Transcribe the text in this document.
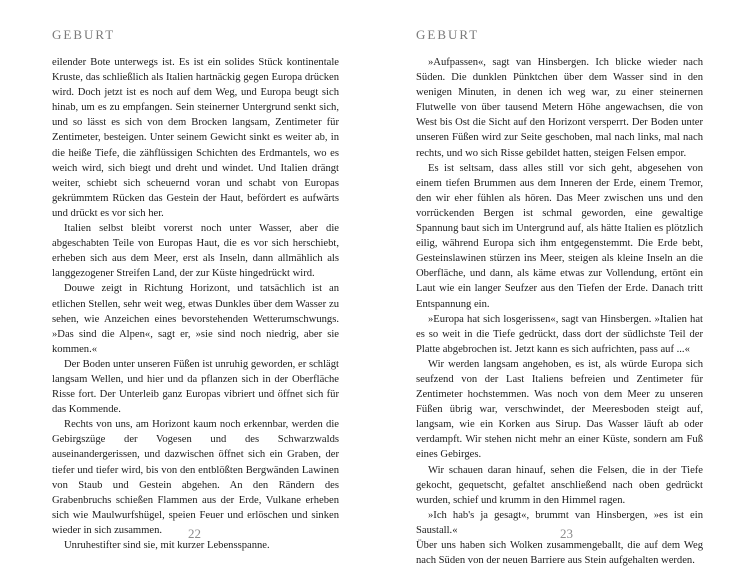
GEBURT

eilender Bote unterwegs ist. Es ist ein solides Stück kontinentale Kruste, das schließlich als Italien hartnäckig gegen Europa drücken wird. Doch jetzt ist es noch auf dem Weg, und Europa beugt sich hinab, um es zu empfangen. Sein steinerner Untergrund senkt sich, und so lässt es sich von dem Brocken langsam, Zentimeter für Zentimeter, besteigen. Unter seinem Gewicht sinkt es weiter ab, in die heiße Tiefe, die zähflüssigen Schichten des Erdmantels, wo es weich wird, sich biegt und dreht und windet. Und Italien drängt weiter, schiebt sich scheuernd voran und schabt von Europas gekrümmtem Rücken das Gestein der Haut, befördert es aufwärts und drückt es vor sich her.

Italien selbst bleibt vorerst noch unter Wasser, aber die abgeschabten Teile von Europas Haut, die es vor sich herschiebt, erheben sich aus dem Meer, erst als Inseln, dann allmählich als langgezogener Streifen Land, der zur Küste hingedrückt wird.

Douwe zeigt in Richtung Horizont, und tatsächlich ist an etlichen Stellen, sehr weit weg, etwas Dunkles über dem Wasser zu sehen, wie Anzeichen eines bevorstehenden Wetterumschwungs. »Das sind die Alpen«, sagt er, »sie sind noch niedrig, aber sie kommen.«

Der Boden unter unseren Füßen ist unruhig geworden, er schlägt langsam Wellen, und hier und da pflanzen sich in der Oberfläche Risse fort. Der Unterleib ganz Europas vibriert und öffnet sich für das Kommende.

Rechts von uns, am Horizont kaum noch erkennbar, werden die Gebirgszüge der Vogesen und des Schwarzwalds auseinandergerissen, und dazwischen öffnet sich ein Graben, der tiefer und tiefer wird, bis von den entblößten Bergwänden Lawinen von Staub und Gestein abgehen. An den Rändern des Grabenbruchs schießen Flammen aus der Erde, Vulkane erheben sich wie Maulwurfshügel, speien Feuer und erlöschen und sinken wieder in sich zusammen.

Unruhestifter sind sie, mit kurzer Lebensspanne.

22
GEBURT

»Aufpassen«, sagt van Hinsbergen. Ich blicke wieder nach Süden. Die dunklen Pünktchen über dem Wasser sind in den wenigen Minuten, in denen ich weg war, zu einer steinernen Flutwelle von über tausend Metern Höhe angewachsen, die von West bis Ost die Sicht auf den Horizont versperrt. Der Boden unter unseren Füßen wird zur Seite geschoben, mal nach links, mal nach rechts, und wo sich Risse gebildet hatten, steigen Felsen empor.

Es ist seltsam, dass alles still vor sich geht, abgesehen von einem tiefen Brummen aus dem Inneren der Erde, einem Tremor, den wir eher fühlen als hören. Das Meer zwischen uns und den vorrückenden Bergen ist schmal geworden, eine gewaltige Spannung baut sich im Untergrund auf, als hätte Italien es plötzlich eilig, während Europa sich ihm entgegenstemmt. Die Erde bebt, Gesteinslawinen stürzen ins Meer, steigen als kleine Inseln an die Oberfläche, und dann, als käme etwas zur Vollendung, ertönt ein Laut wie ein langer Seufzer aus den Tiefen der Erde. Danach tritt Entspannung ein.

»Europa hat sich losgerissen«, sagt van Hinsbergen. »Italien hat es so weit in die Tiefe gedrückt, dass dort der südlichste Teil der Platte abgebrochen ist. Jetzt kann es sich aufrichten, pass auf ...«

Wir werden langsam angehoben, es ist, als würde Europa sich seufzend von der Last Italiens befreien und Zentimeter für Zentimeter hochstemmen. Was noch von dem Meer zu unseren Füßen übrig war, verschwindet, der Meeresboden steigt auf, langsam, wie ein Korken aus Sirup. Das Wasser läuft ab oder verdampft. Wir stehen nicht mehr an einer Küste, sondern am Fuß eines Gebirges.

Wir schauen daran hinauf, sehen die Felsen, die in der Tiefe gekocht, gequetscht, gefaltet anschließend nach oben gedrückt wurden, schief und krumm in den Himmel ragen.

»Ich hab's ja gesagt«, brummt van Hinsbergen, »es ist ein Saustall.«

Über uns haben sich Wolken zusammengeballt, die auf dem Weg nach Süden von der neuen Barriere aus Stein aufgehalten werden.

23
